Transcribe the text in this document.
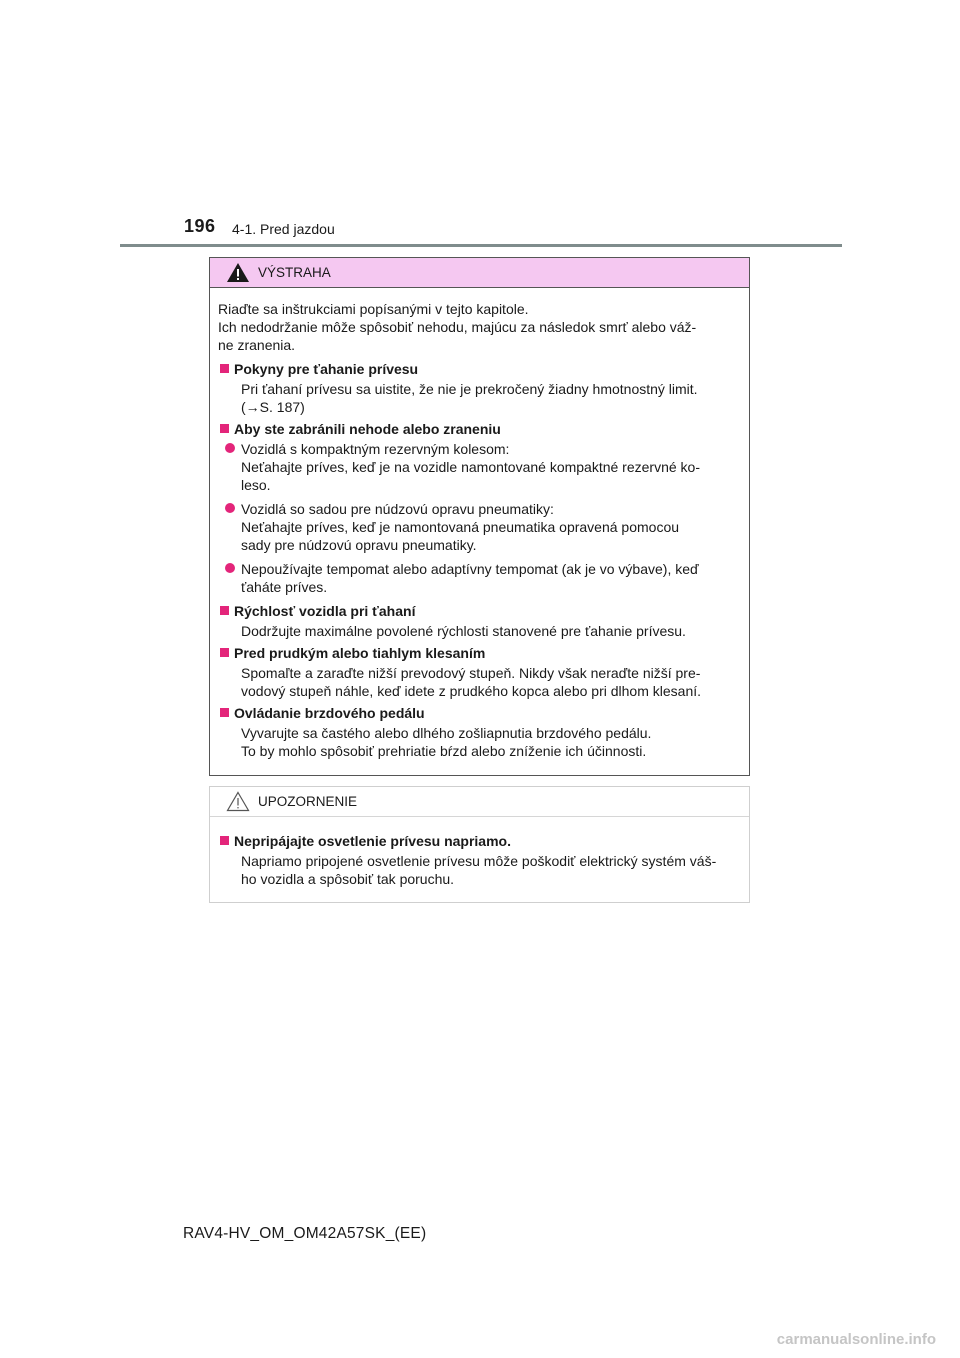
196 4-1. Pred jazdou
VÝSTRAHA

Riaďte sa inštrukciami popísanými v tejto kapitole.

Ich nedodržanie môže spôsobiť nehodu, majúcu za následok smrť alebo váž-

ne zranenia.

Pokyny pre ťahanie prívesu

Pri ťahaní prívesu sa uistite, že nie je prekročený žiadny hmotnostný limit.

(→S. 187)

Aby ste zabránili nehode alebo zraneniu

Vozidlá s kompaktným rezervným kolesom:

Neťahajte príves, keď je na vozidle namontované kompaktné rezervné ko-

leso.

Vozidlá so sadou pre núdzovú opravu pneumatiky:

Neťahajte príves, keď je namontovaná pneumatika opravená pomocou

sady pre núdzovú opravu pneumatiky.

Nepoužívajte tempomat alebo adaptívny tempomat (ak je vo výbave), keď

ťaháte príves.

Rýchlosť vozidla pri ťahaní

Dodržujte maximálne povolené rýchlosti stanovené pre ťahanie prívesu.

Pred prudkým alebo tiahlym klesaním

Spomaľte a zaraďte nižší prevodový stupeň. Nikdy však neraďte nižší pre-

vodový stupeň náhle, keď idete z prudkého kopca alebo pri dlhom klesaní.

Ovládanie brzdového pedálu

Vyvarujte sa častého alebo dlhého zošliapnutia brzdového pedálu.

To by mohlo spôsobiť prehriatie bŕzd alebo zníženie ich účinnosti.

UPOZORNENIE
Nepripájajte osvetlenie prívesu napriamo.

Napriamo pripojené osvetlenie prívesu môže poškodiť elektrický systém váš-

ho vozidla a spôsobiť tak poruchu.

RAV4-HV_OM_OM42A57SK_(EE)
carmanualsonline.info
